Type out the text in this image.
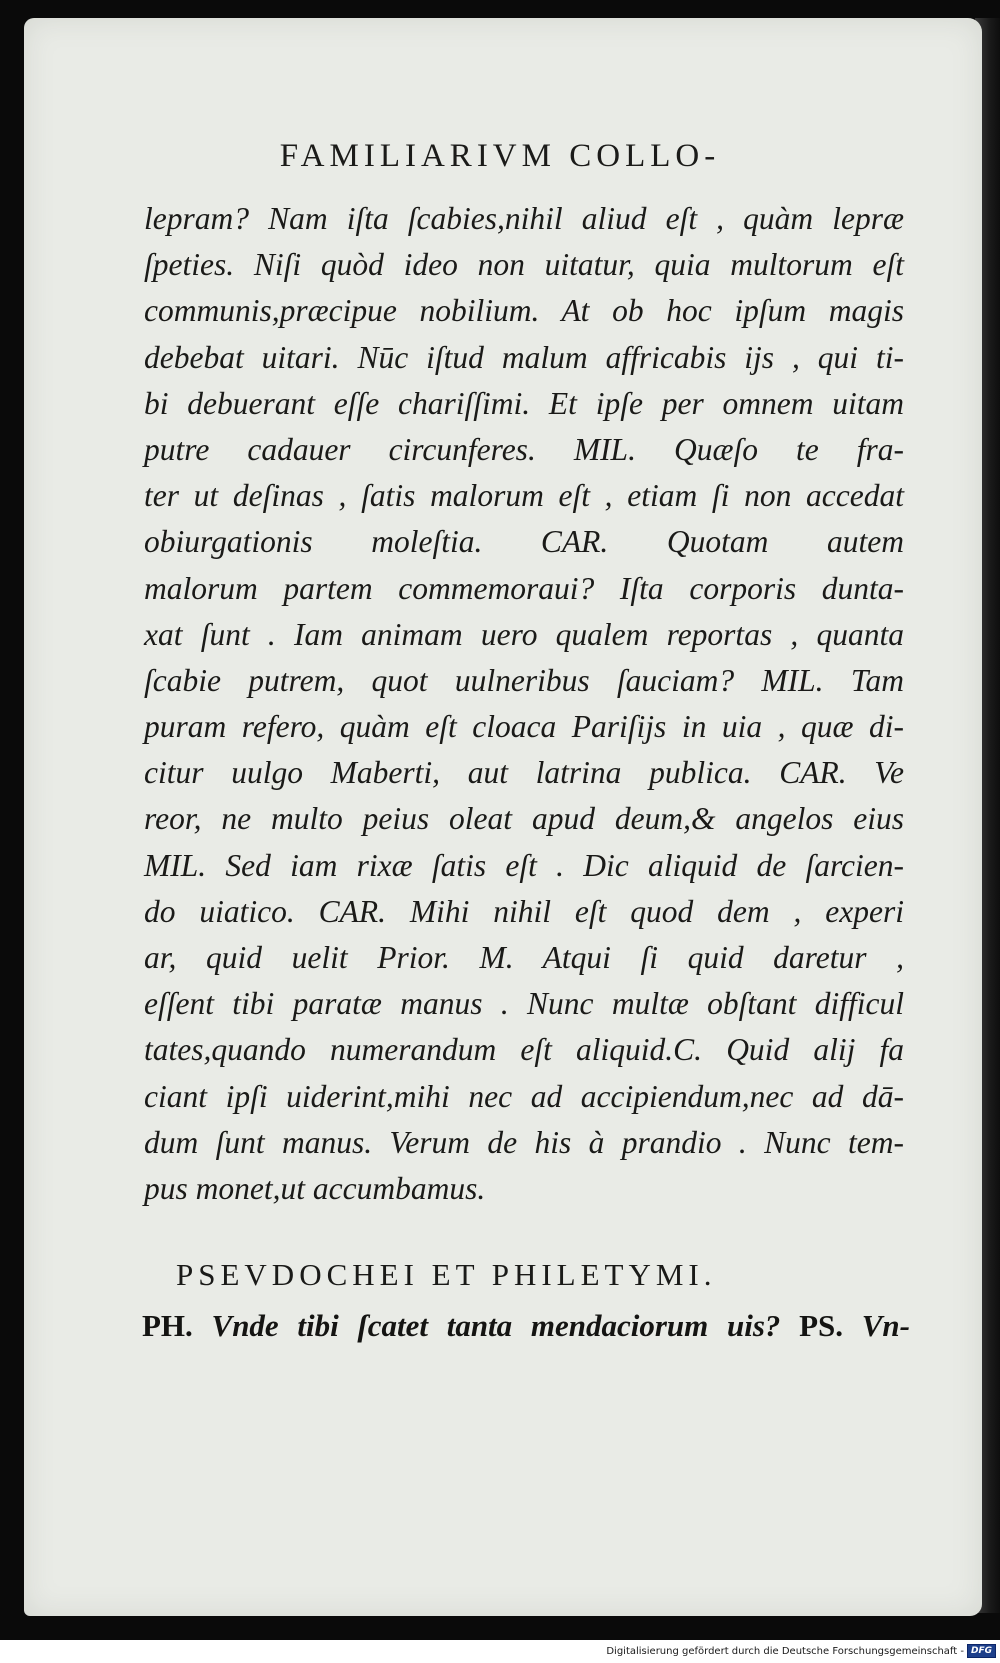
FAMILIARIVM COLLO-
lepram? Nam iſta ſcabies,nihil aliud eſt , quàm lepræ
ſpeties. Niſi quòd ideo non uitatur, quia multorum eſt
communis,præcipue nobilium. At ob hoc ipſum magis
debebat uitari. Nūc iſtud malum affricabis ijs , qui ti-
bi debuerant eſſe chariſſimi. Et ipſe per omnem uitam
putre cadauer circunferes. MIL. Quæſo te fra-
ter ut deſinas , ſatis malorum eſt , etiam ſi non accedat
obiurgationis moleſtia. CAR. Quotam autem
malorum partem commemoraui? Iſta corporis dunta-
xat ſunt . Iam animam uero qualem reportas , quanta
ſcabie putrem, quot uulneribus ſauciam? MIL. Tam
puram refero, quàm eſt cloaca Pariſijs in uia , quæ di-
citur uulgo Maberti, aut latrina publica. CAR. Ve
reor, ne multo peius oleat apud deum,& angelos eius
MIL. Sed iam rixæ ſatis eſt . Dic aliquid de ſarcien-
do uiatico. CAR. Mihi nihil eſt quod dem , experi
ar, quid uelit Prior. M. Atqui ſi quid daretur ,
eſſent tibi paratæ manus . Nunc multæ obſtant difficul
tates,quando numerandum eſt aliquid.C. Quid alij fa
ciant ipſi uiderint,mihi nec ad accipiendum,nec ad dā-
dum ſunt manus. Verum de his à prandio . Nunc tem-
pus monet,ut accumbamus.
PSEVDOCHEI ET PHILETYMI.
PH. Vnde tibi ſcatet tanta mendaciorum uis? PS. Vn-
Digitalisierung gefördert durch die Deutsche Forschungsgemeinschaft - DFG
